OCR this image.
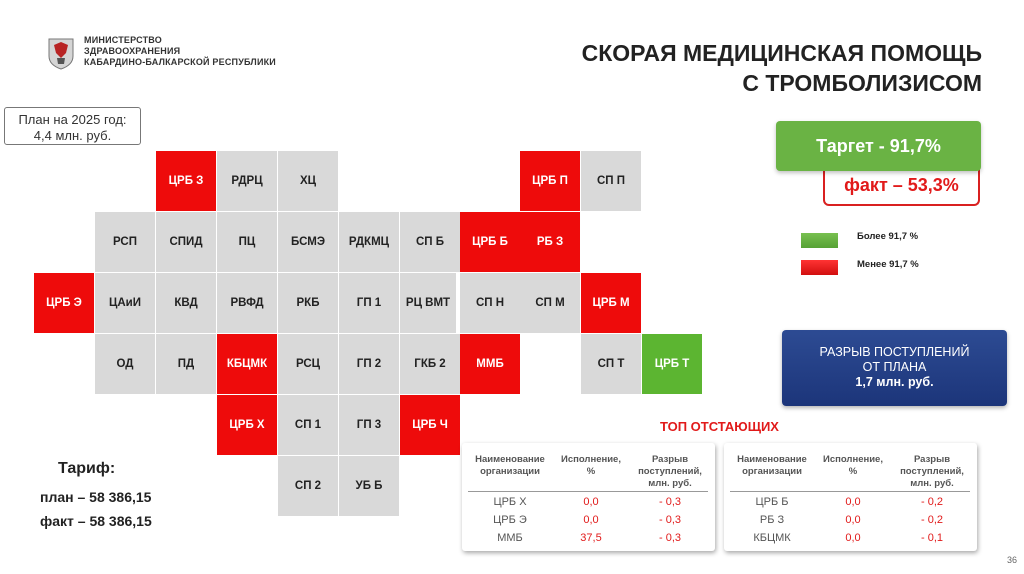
МИНИСТЕРСТВО
ЗДРАВООХРАНЕНИЯ
КАБАРДИНО-БАЛКАРСКОЙ РЕСПУБЛИКИ	СКОРАЯ МЕДИЦИНСКАЯ ПОМОЩЬ
С ТРОМБОЛИЗИСОМ
План на 2025 год:
4,4 млн. руб.
ЦРБ З	РДРЦ	ХЦ	ЦРБ П	СП П
РСП	СПИД	ПЦ	БСМЭ	РДКМЦ	СП Б	ЦРБ Б	РБ З
ЦРБ Э	ЦАиИ	КВД	РВФД	РКБ	ГП 1	РЦ ВМТ	СП Н	СП М	ЦРБ М
ОД	ПД	КБЦМК	РСЦ	ГП 2	ГКБ 2	ММБ	СП Т	ЦРБ Т
ЦРБ Х	СП 1	ГП 3	ЦРБ Ч
СП 2	УБ Б
факт – 53,3%
Таргет - 91,7%
Более 91,7 %
Менее 91,7 %
РАЗРЫВ ПОСТУПЛЕНИЙ
ОТ ПЛАНА
1,7 млн. руб.
ТОП ОТСТАЮЩИХ
Наименование организации
Исполнение, %
Разрыв поступлений, млн. руб.
ЦРБ Х	0,0	- 0,3
ЦРБ Э	0,0	- 0,3
ММБ	37,5	- 0,3
Наименование организации
Исполнение, %
Разрыв поступлений, млн. руб.
ЦРБ Б	0,0	- 0,2
РБ З	0,0	- 0,2
КБЦМК	0,0	- 0,1
Тариф:
план – 58 386,15
факт – 58 386,15
36
